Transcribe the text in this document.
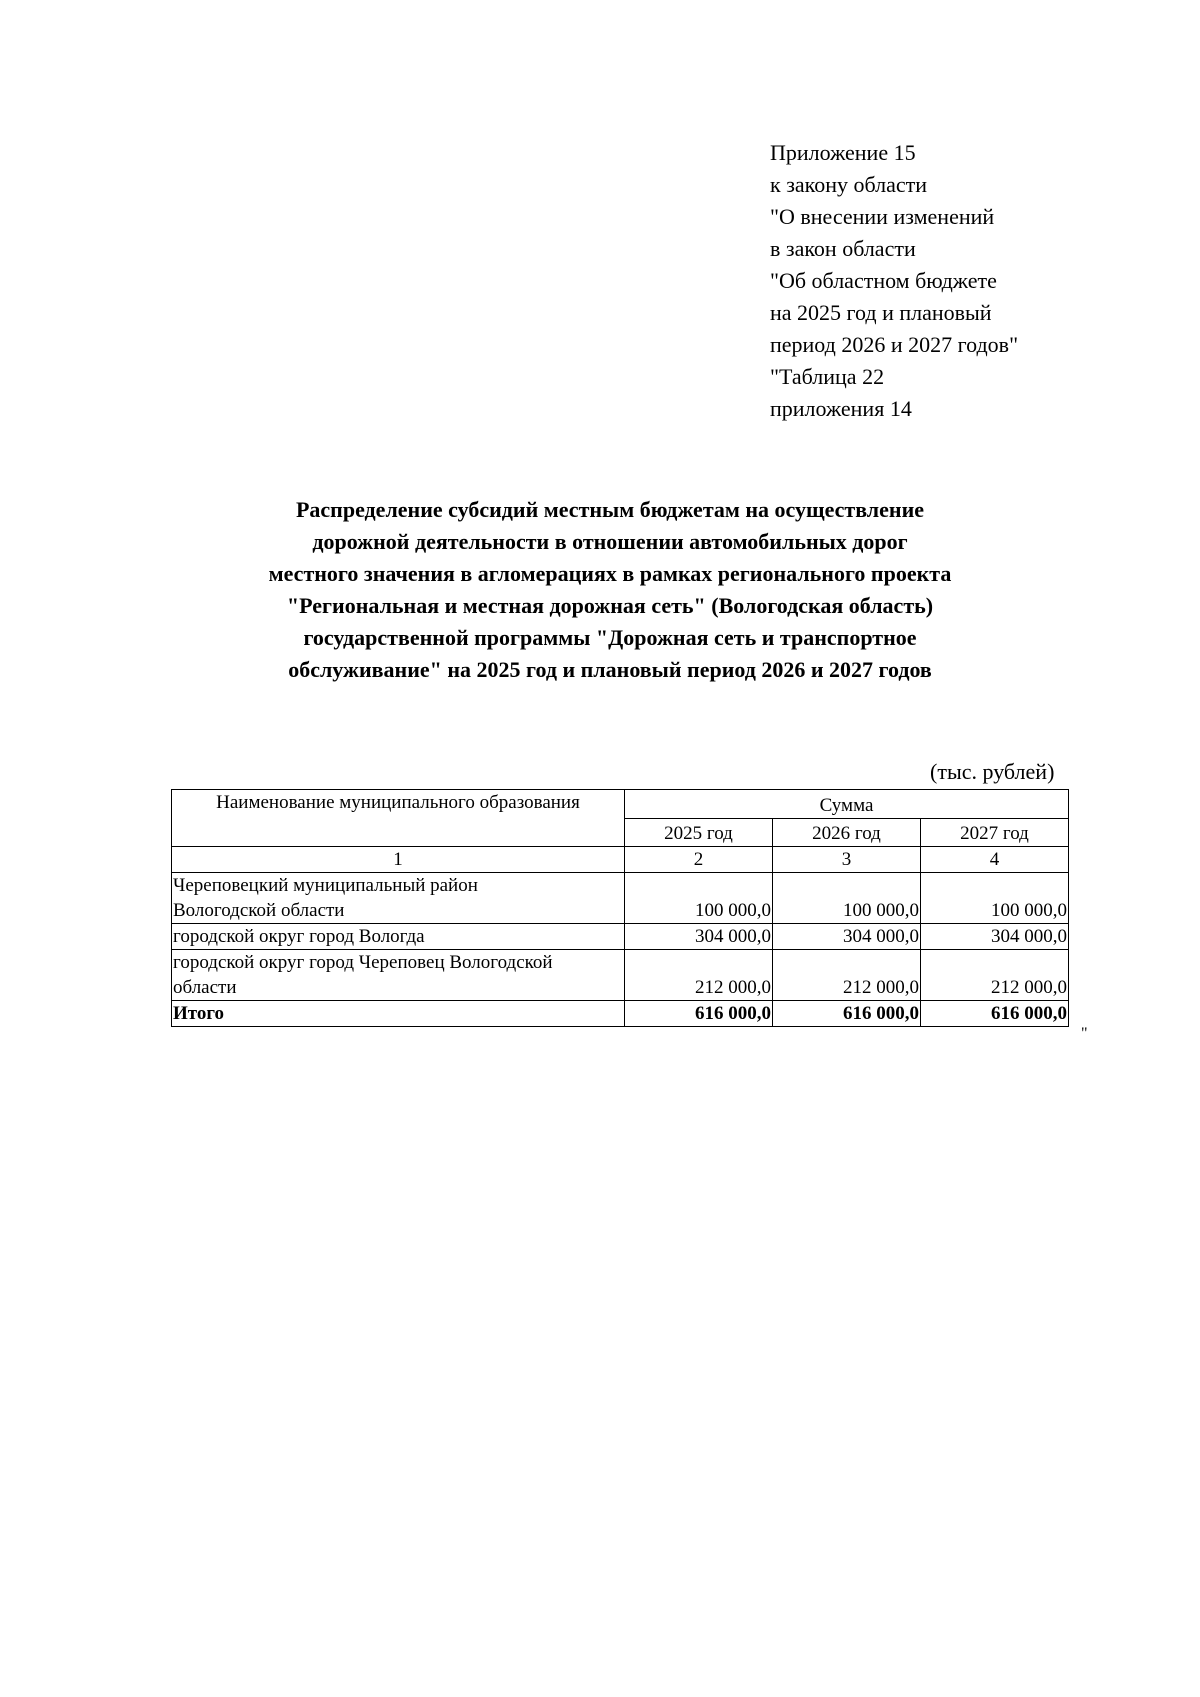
Приложение 15
к закону области
"О внесении изменений
в закон области
"Об областном бюджете
на 2025 год и плановый
период 2026 и 2027 годов"
"Таблица 22
приложения 14
Распределение субсидий местным бюджетам на осуществление
дорожной деятельности в отношении автомобильных дорог
местного значения в агломерациях в рамках регионального проекта
"Региональная и местная дорожная сеть" (Вологодская область)
государственной программы "Дорожная сеть и транспортное
обслуживание" на 2025 год и плановый период 2026 и 2027 годов
(тыс. рублей)
Наименование муниципального образования	Сумма		
	2025 год	2026 год	2027 год
1	2	3	4

Череповецкий муниципальный район
Вологодской области	100 000,0	100 000,0	100 000,0

городской округ город Вологда	304 000,0	304 000,0	304 000,0

городской округ город Череповец Вологодской
области	212 000,0	212 000,0	212 000,0
Итого	616 000,0	616 000,0	616 000,0
"
